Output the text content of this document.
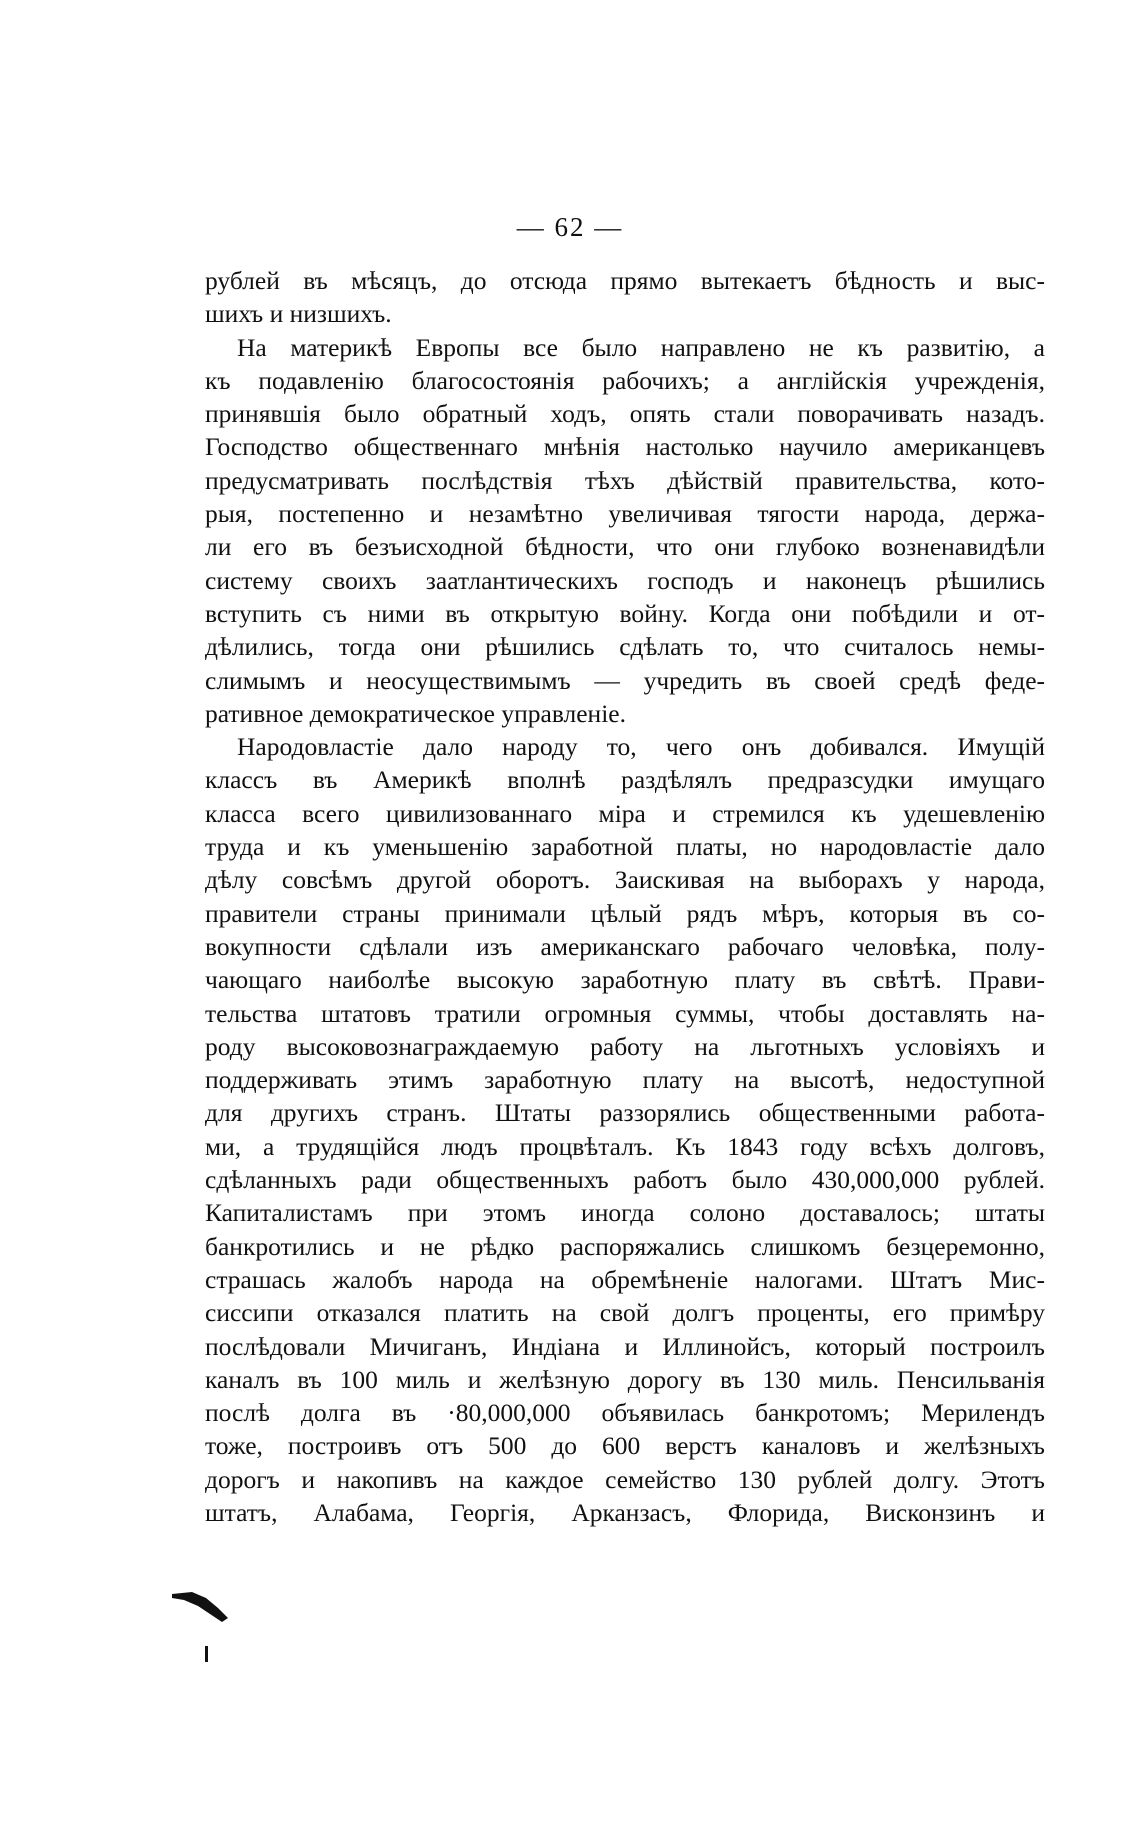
— 62 —
рублей въ мѣсяцъ, до отсюда прямо вытекаетъ бѣдность и выс-
шихъ и низшихъ.
На материкѣ Европы все было направлено не къ развитію, а
къ подавленію благосостоянія рабочихъ; а англійскія учрежденія,
принявшія было обратный ходъ, опять стали поворачивать назадъ.
Господство общественнаго мнѣнія настолько научило американцевъ
предусматривать послѣдствія тѣхъ дѣйствій правительства, кото-
рыя, постепенно и незамѣтно увеличивая тягости народа, держа-
ли его въ безъисходной бѣдности, что они глубоко возненавидѣли
систему своихъ заатлантическихъ господъ и наконецъ рѣшились
вступить съ ними въ открытую войну. Когда они побѣдили и от-
дѣлились, тогда они рѣшились сдѣлать то, что считалось немы-
слимымъ и неосуществимымъ — учредить въ своей средѣ феде-
ративное демократическое управленіе.
Народовластіе дало народу то, чего онъ добивался. Имущій
классъ въ Америкѣ вполнѣ раздѣлялъ предразсудки имущаго
класса всего цивилизованнаго міра и стремился къ удешевленію
труда и къ уменьшенію заработной платы, но народовластіе дало
дѣлу совсѣмъ другой оборотъ. Заискивая на выборахъ у народа,
правители страны принимали цѣлый рядъ мѣръ, которыя въ со-
вокупности сдѣлали изъ американскаго рабочаго человѣка, полу-
чающаго наиболѣе высокую заработную плату въ свѣтѣ. Прави-
тельства штатовъ тратили огромныя суммы, чтобы доставлять на-
роду высоковознаграждаемую работу на льготныхъ условіяхъ и
поддерживать этимъ заработную плату на высотѣ, недоступной
для другихъ странъ. Штаты раззорялись общественными работа-
ми, а трудящійся людъ процвѣталъ. Къ 1843 году всѣхъ долговъ,
сдѣланныхъ ради общественныхъ работъ было 430,000,000 рублей.
Капиталистамъ при этомъ иногда солоно доставалось; штаты
банкротились и не рѣдко распоряжались слишкомъ безцеремонно,
страшась жалобъ народа на обремѣненіе налогами. Штатъ Мис-
сиссипи отказался платить на свой долгъ проценты, его примѣру
послѣдовали Мичиганъ, Индіана и Иллинойсъ, который построилъ
каналъ въ 100 миль и желѣзную дорогу въ 130 миль. Пенсильванія
послѣ долга въ ·80,000,000 объявилась банкротомъ; Мерилендъ
тоже, построивъ отъ 500 до 600 верстъ каналовъ и желѣзныхъ
дорогъ и накопивъ на каждое семейство 130 рублей долгу. Этотъ
штатъ, Алабама, Георгія, Арканзасъ, Флорида, Висконзинъ и
